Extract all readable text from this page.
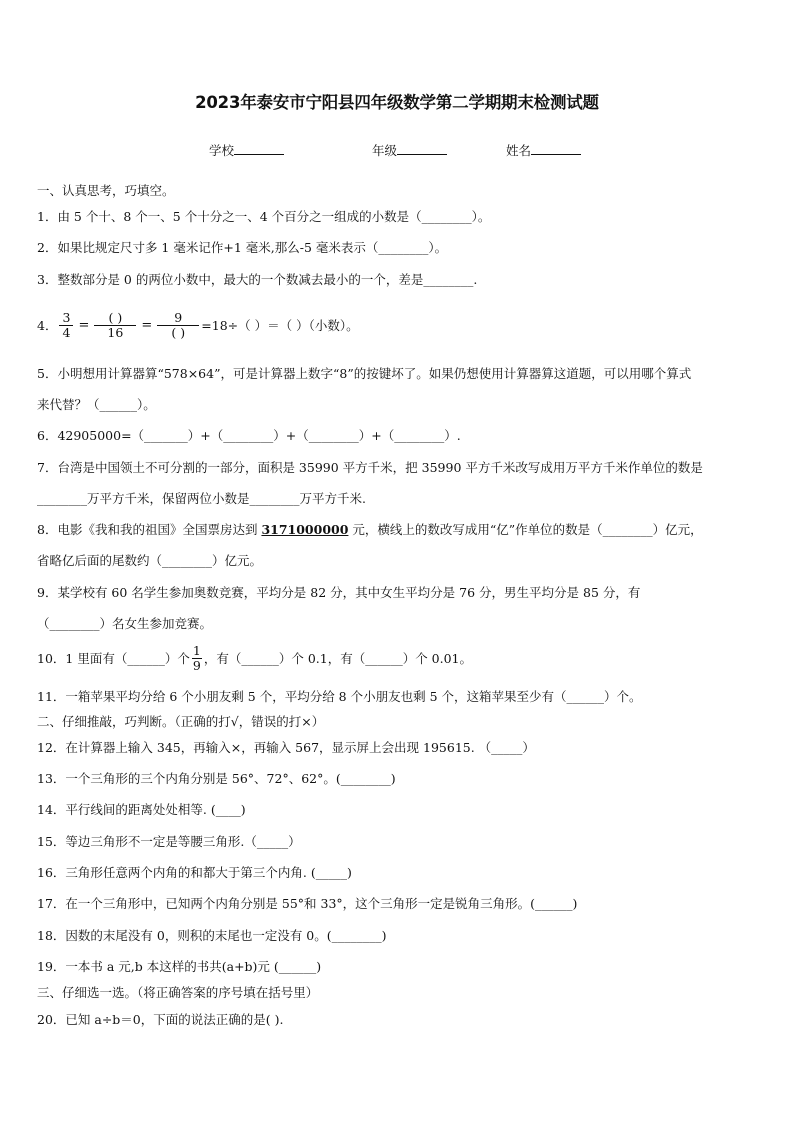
2023年泰安市宁阳县四年级数学第二学期期末检测试题
学校	年级	姓名
一、认真思考，巧填空。
1．由 5 个十、8 个一、5 个十分之一、4 个百分之一组成的小数是（________）。
2．如果比规定尺寸多 1 毫米记作+1 毫米,那么-5 毫米表示（________）。
3．整数部分是 0 的两位小数中，最大的一个数减去最小的一个，差是________.
4． $\frac{3}{4} = \frac{( )}{16} = \frac{9}{( )} =18\div$（ ）＝（ ）（小数）。
5．小明想用计算器算“578×64”，可是计算器上数字“8”的按键坏了。如果仍想使用计算器算这道题，可以用哪个算式
来代替？（______）。
6．42905000=（_______）+（________）+（________）+（________）.
7．台湾是中国领土不可分割的一部分，面积是 35990 平方千米，把 35990 平方千米改写成用万平方千米作单位的数是
________万平方千米，保留两位小数是________万平方千米.
8．电影《我和我的祖国》全国票房达到 3171000000 元，横线上的数改写成用“亿”作单位的数是（________）亿元，
省略亿后面的尾数约（________）亿元。
9．某学校有 60 名学生参加奥数竞赛，平均分是 82 分，其中女生平均分是 76 分，男生平均分是 85 分，有
（________）名女生参加竞赛。
10．1 里面有（______）个 $\frac{1}{9}$ ，有（______）个 0.1，有（______）个 0.01。
11．一箱苹果平均分给 6 个小朋友剩 5 个，平均分给 8 个小朋友也剩 5 个，这箱苹果至少有（______）个。
二、仔细推敲，巧判断。（正确的打√，错误的打×）
12．在计算器上输入 345，再输入×，再输入 567，显示屏上会出现 195615. （_____）
13．一个三角形的三个内角分别是 56°、72°、62°。(________)
14．平行线间的距离处处相等. (____)
15．等边三角形不一定是等腰三角形.（_____）
16．三角形任意两个内角的和都大于第三个内角. (_____)
17．在一个三角形中，已知两个内角分别是 55°和 33°，这个三角形一定是锐角三角形。(______)
18．因数的末尾没有 0，则积的末尾也一定没有 0。(________)
19．一本书 a 元,b 本这样的书共(a+b)元 (______)
三、仔细选一选。（将正确答案的序号填在括号里）
20．已知 a÷b＝0，下面的说法正确的是( ).
